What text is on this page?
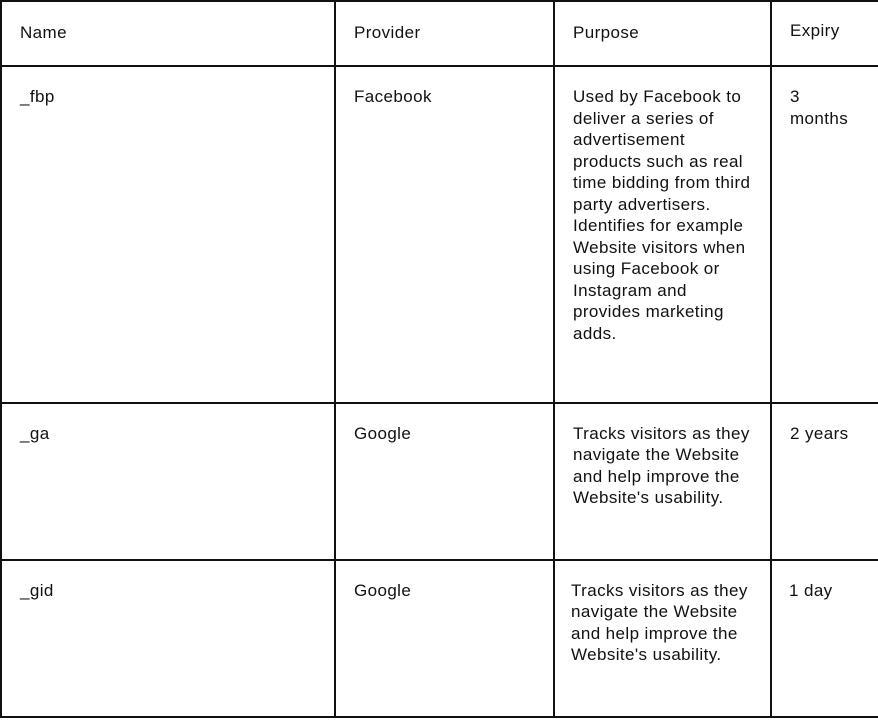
Name	Provider	Purpose	Expiry

_fbp	Facebook	Used by Facebook to deliver a series of advertisement products such as real time bidding from third party advertisers. Identifies for example Website visitors when using Facebook or Instagram and provides marketing adds.	3 months

_ga	Google	Tracks visitors as they navigate the Website and help improve the Website's usability.	2 years

_gid	Google	Tracks visitors as they navigate the Website and help improve the Website's usability.	1 day
